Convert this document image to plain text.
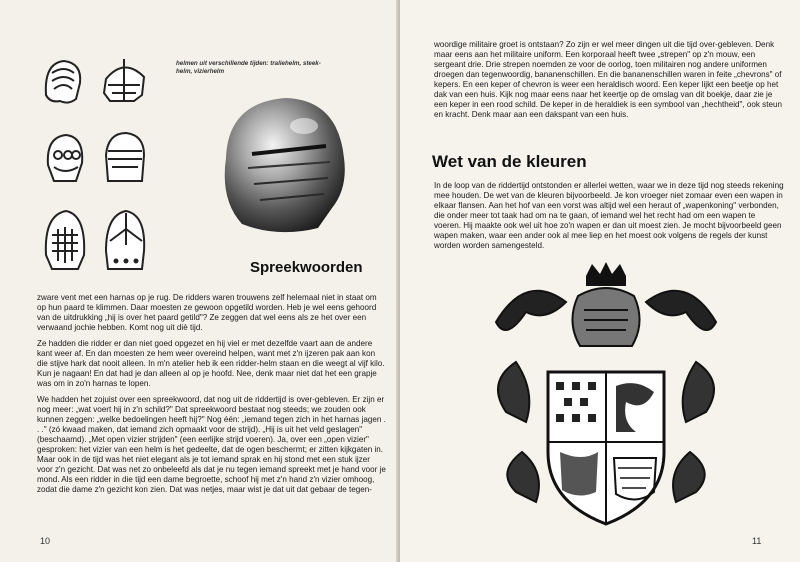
helmen uit verschillende tijden: traliehelm, steek-helm, vizierhelm
Spreekwoorden

zware vent met een harnas op je rug. De ridders waren trouwens zelf helemaal niet in staat om op hun paard te klimmen. Daar moesten ze gewoon opgetild worden. Heb je wel eens gehoord van de uitdrukking „hij is over het paard getild"? Ze zeggen dat wel eens als ze het over een verwaand jochie hebben. Komt nog uit diè tijd.

Ze hadden die ridder er dan niet goed opgezet en hij viel er met dezelfde vaart aan de andere kant weer af. En dan moesten ze hem weer overeind helpen, want met z'n ijzeren pak aan kon die stijve hark dat nooit alleen. In m'n atelier heb ik een ridder-helm staan en die weegt al vijf kilo. Kun je nagaan! En dat had je dan alleen al op je hoofd. Nee, denk maar niet dat het een grapje was om in zo'n harnas te lopen.

We hadden het zojuist over een spreekwoord, dat nog uit de riddertijd is over-gebleven. Er zijn er nog meer: „wat voert hij in z'n schild?" Dat spreekwoord bestaat nog steeds; we zouden ook kunnen zeggen: „welke bedoelingen heeft hij?" Nog één: „iemand tegen zich in het harnas jagen . . ." (zó kwaad maken, dat iemand zich opmaakt voor de strijd). „Hij is uit het veld geslagen" (beschaamd). „Met open vizier strijden" (een eerlijke strijd voeren). Ja, over een „open vizier" gesproken: het vizier van een helm is het gedeelte, dat de ogen beschermt; er zitten kijkgaten in. Maar ook in de tijd was het niet elegant als je tot iemand sprak en hij stond met een stuk ijzer voor z'n gezicht. Dat was net zo onbeleefd als dat je nu tegen iemand spreekt met je hand voor je mond. Als een ridder in die tijd een dame begroette, schoof hij met z'n hand z'n vizier omhoog, zodat die dame z'n gezicht kon zien. Dat was netjes, maar wist je dat uit dat gebaar de tegen-

10

woordige militaire groet is ontstaan? Zo zijn er wel meer dingen uit die tijd over-gebleven. Denk maar eens aan het militaire uniform. Een korporaal heeft twee „strepen" op z'n mouw, een sergeant drie. Drie strepen noemden ze voor de oorlog, toen militairen nog andere uniformen droegen dan tegenwoordig, bananenschillen. En die bananenschillen waren in feite „chevrons" of kepers. En een keper of chevron is weer een heraldisch woord. Een keper lijkt een beetje op het dak van een huis. Kijk nog maar eens naar het keertje op de omslag van dit boekje, daar zie je een keper in een rood schild. De keper in de heraldiek is een symbool van „hechtheid", ook steun en kracht. Denk maar aan een dakspant van een huis.

Wet van de kleuren

In de loop van de riddertijd ontstonden er allerlei wetten, waar we in deze tijd nog steeds rekening mee houden. De wet van de kleuren bijvoorbeeld. Je kon vroeger niet zomaar even een wapen in elkaar flansen. Aan het hof van een vorst was altijd wel een heraut of „wapenkoning" verbonden, die onder meer tot taak had om na te gaan, of iemand wel het recht had om een wapen te voeren. Hij maakte ook wel uit hoe zo'n wapen er dan uit moest zien. Je mocht bijvoorbeeld geen wapen maken, waar een ander ook al mee liep en het moest ook volgens de regels der kunst worden worden samengesteld.

11
